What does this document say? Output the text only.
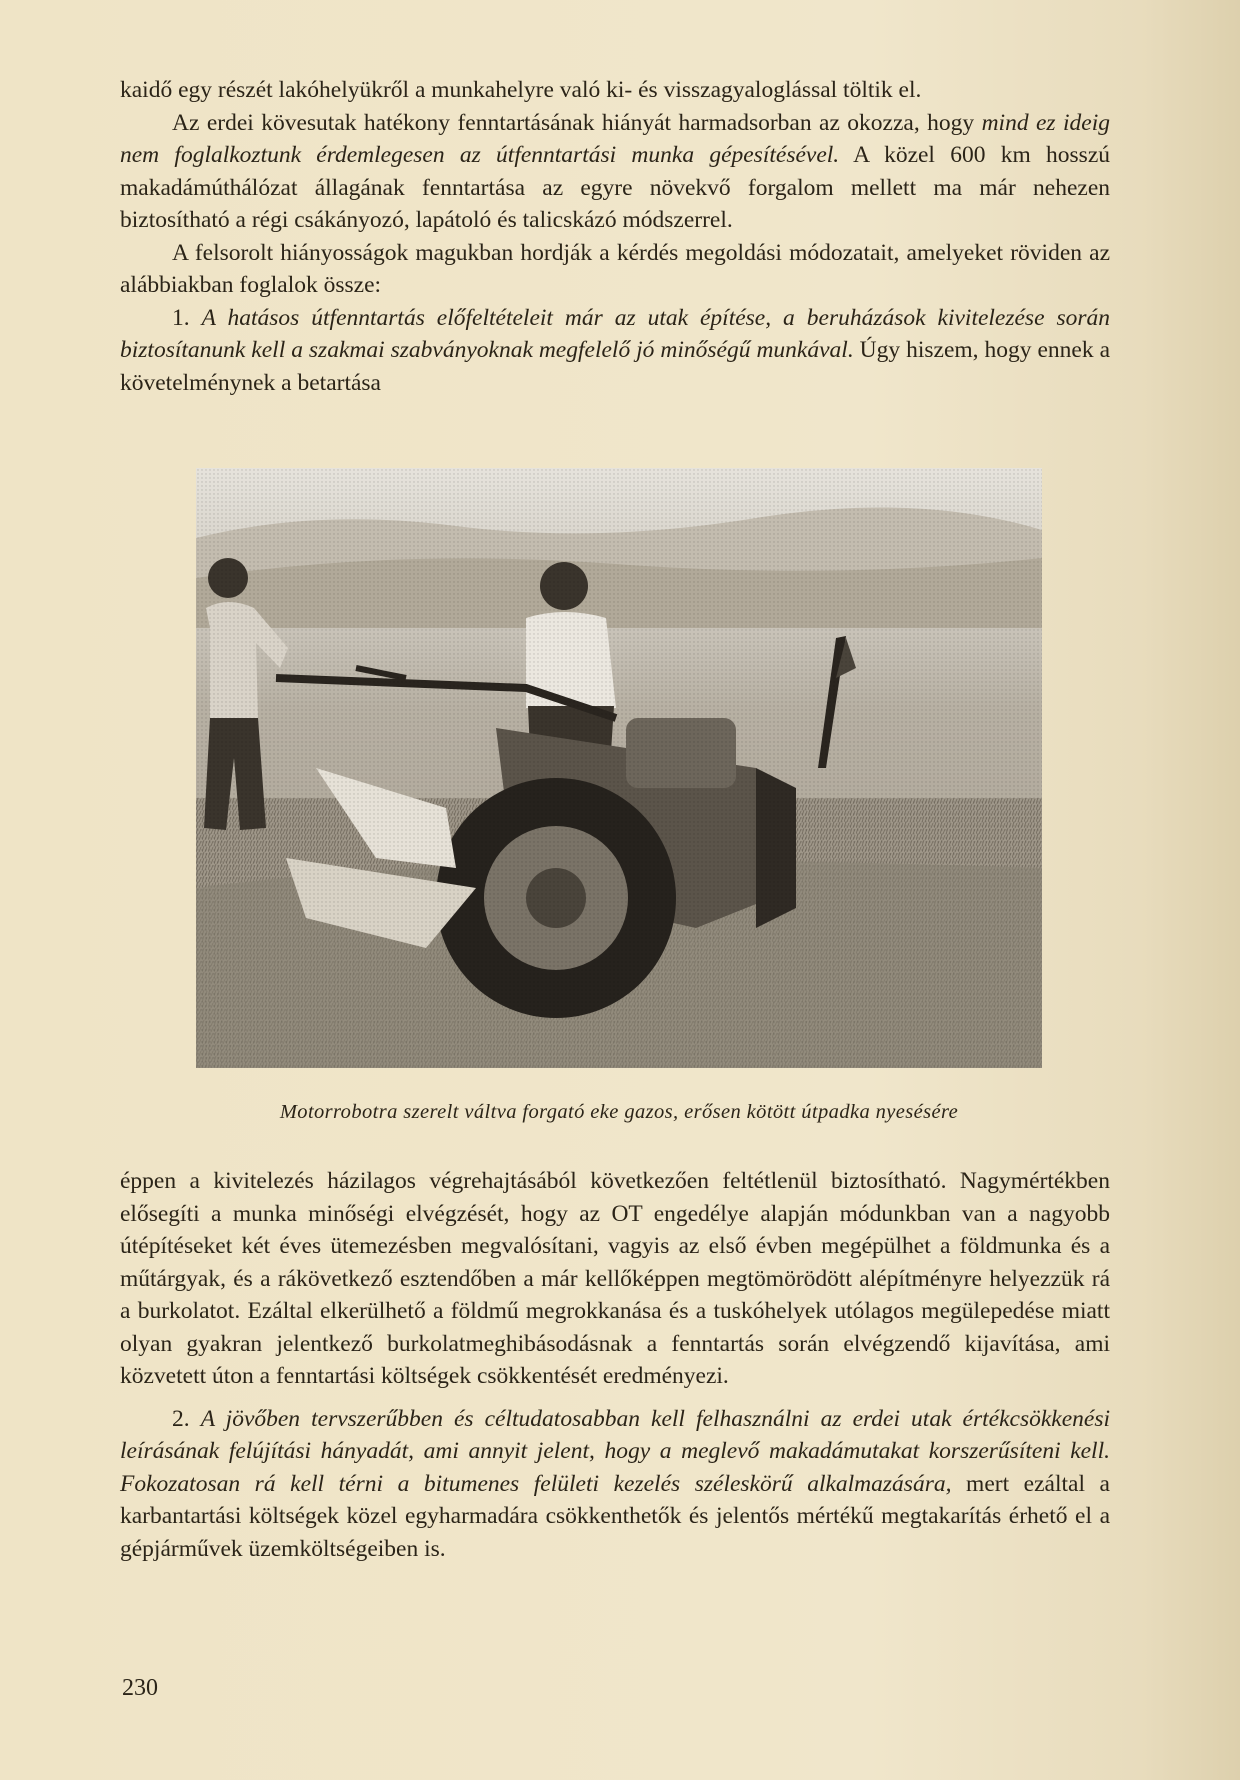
kaidő egy részét lakóhelyükről a munkahelyre való ki- és visszagyaloglással töltik el.

Az erdei kövesutak hatékony fenntartásának hiányát harmadsorban az okozza, hogy mind ez ideig nem foglalkoztunk érdemlegesen az útfenntartási munka gépesítésével. A közel 600 km hosszú makadámúthálózat állagának fenntartása az egyre növekvő forgalom mellett ma már nehezen biztosítható a régi csákányozó, lapátoló és talicskázó módszerrel.

A felsorolt hiányosságok magukban hordják a kérdés megoldási módozatait, amelyeket röviden az alábbiakban foglalok össze:

1. A hatásos útfenntartás előfeltételeit már az utak építése, a beruházások kivitelezése során biztosítanunk kell a szakmai szabványoknak megfelelő jó minőségű munkával. Úgy hiszem, hogy ennek a követelménynek a betartása

Motorrobotra szerelt váltva forgató eke gazos, erősen kötött útpadka nyesésére

éppen a kivitelezés házilagos végrehajtásából következően feltétlenül biztosítható. Nagymértékben elősegíti a munka minőségi elvégzését, hogy az OT engedélye alapján módunkban van a nagyobb útépítéseket két éves ütemezésben megvalósítani, vagyis az első évben megépülhet a földmunka és a műtárgyak, és a rákövetkező esztendőben a már kellőképpen megtömörödött alépítményre helyezzük rá a burkolatot. Ezáltal elkerülhető a földmű megrokkanása és a tuskóhelyek utólagos megülepedése miatt olyan gyakran jelentkező burkolatmeghibásodásnak a fenntartás során elvégzendő kijavítása, ami közvetett úton a fenntartási költségek csökkentését eredményezi.

2. A jövőben tervszerűbben és céltudatosabban kell felhasználni az erdei utak értékcsökkenési leírásának felújítási hányadát, ami annyit jelent, hogy a meglevő makadámutakat korszerűsíteni kell. Fokozatosan rá kell térni a bitumenes felületi kezelés széleskörű alkalmazására, mert ezáltal a karbantartási költségek közel egyharmadára csökkenthetők és jelentős mértékű megtakarítás érhető el a gépjárművek üzemköltségeiben is.

230
